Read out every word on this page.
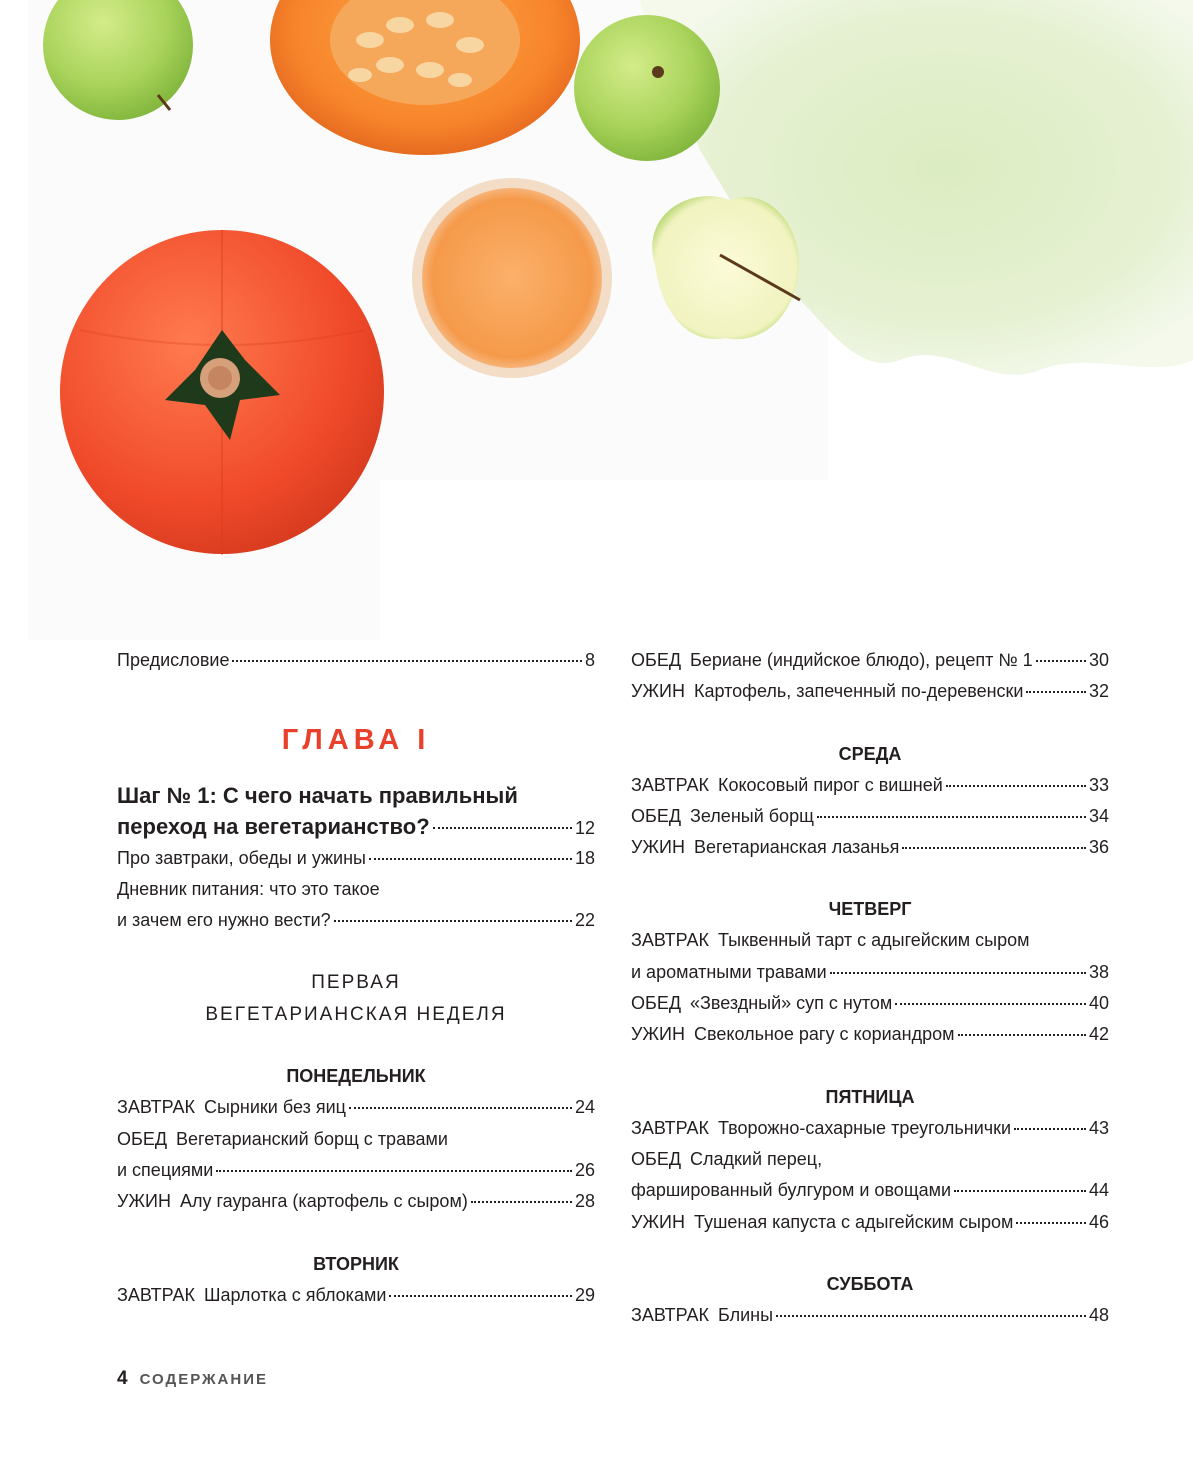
Предисловие	8
ГЛАВА I
Шаг № 1: С чего начать правильный
переход на вегетарианство?	12
Про завтраки, обеды и ужины	18
Дневник питания: что это такое
и зачем его нужно вести?	22
ПЕРВАЯ
ВЕГЕТАРИАНСКАЯ НЕДЕЛЯ
ПОНЕДЕЛЬНИК
ЗАВТРАК Сырники без яиц	24
ОБЕД Вегетарианский борщ с травами
и специями	26
УЖИН Алу гауранга (картофель с сыром)	28
ВТОРНИК
ЗАВТРАК Шарлотка с яблоками	29
ОБЕД Бериане (индийское блюдо), рецепт № 1	30
УЖИН Картофель, запеченный по-деревенски	32
СРЕДА
ЗАВТРАК Кокосовый пирог с вишней	33
ОБЕД Зеленый борщ	34
УЖИН Вегетарианская лазанья	36
ЧЕТВЕРГ
ЗАВТРАК Тыквенный тарт с адыгейским сыром
и ароматными травами	38
ОБЕД «Звездный» суп с нутом	40
УЖИН Свекольное рагу с кориандром	42
ПЯТНИЦА
ЗАВТРАК Творожно-сахарные треугольнички	43
ОБЕД Сладкий перец,
фаршированный булгуром и овощами	44
УЖИН Тушеная капуста с адыгейским сыром	46
СУББОТА
ЗАВТРАК Блины	48
4 СОДЕРЖАНИЕ
